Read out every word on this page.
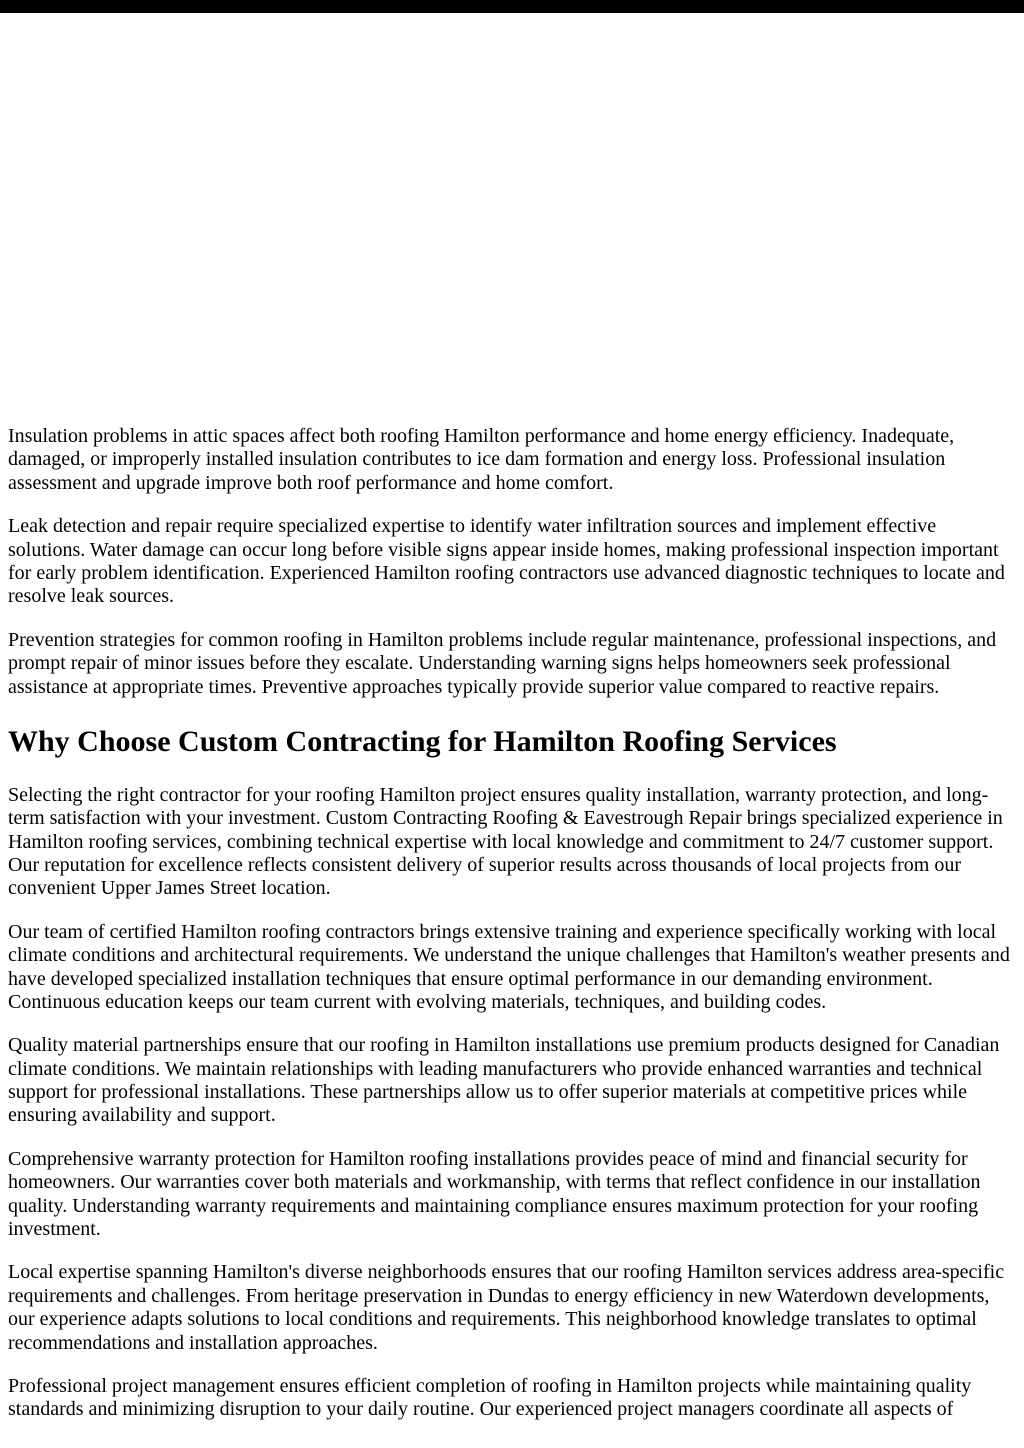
Insulation problems in attic spaces affect both roofing Hamilton performance and home energy efficiency. Inadequate, damaged, or improperly installed insulation contributes to ice dam formation and energy loss. Professional insulation assessment and upgrade improve both roof performance and home comfort.

Leak detection and repair require specialized expertise to identify water infiltration sources and implement effective solutions. Water damage can occur long before visible signs appear inside homes, making professional inspection important for early problem identification. Experienced Hamilton roofing contractors use advanced diagnostic techniques to locate and resolve leak sources.

Prevention strategies for common roofing in Hamilton problems include regular maintenance, professional inspections, and prompt repair of minor issues before they escalate. Understanding warning signs helps homeowners seek professional assistance at appropriate times. Preventive approaches typically provide superior value compared to reactive repairs.

Why Choose Custom Contracting for Hamilton Roofing Services

Selecting the right contractor for your roofing Hamilton project ensures quality installation, warranty protection, and long-term satisfaction with your investment. Custom Contracting Roofing & Eavestrough Repair brings specialized experience in Hamilton roofing services, combining technical expertise with local knowledge and commitment to 24/7 customer support. Our reputation for excellence reflects consistent delivery of superior results across thousands of local projects from our convenient Upper James Street location.

Our team of certified Hamilton roofing contractors brings extensive training and experience specifically working with local climate conditions and architectural requirements. We understand the unique challenges that Hamilton's weather presents and have developed specialized installation techniques that ensure optimal performance in our demanding environment. Continuous education keeps our team current with evolving materials, techniques, and building codes.

Quality material partnerships ensure that our roofing in Hamilton installations use premium products designed for Canadian climate conditions. We maintain relationships with leading manufacturers who provide enhanced warranties and technical support for professional installations. These partnerships allow us to offer superior materials at competitive prices while ensuring availability and support.

Comprehensive warranty protection for Hamilton roofing installations provides peace of mind and financial security for homeowners. Our warranties cover both materials and workmanship, with terms that reflect confidence in our installation quality. Understanding warranty requirements and maintaining compliance ensures maximum protection for your roofing investment.

Local expertise spanning Hamilton's diverse neighborhoods ensures that our roofing Hamilton services address area-specific requirements and challenges. From heritage preservation in Dundas to energy efficiency in new Waterdown developments, our experience adapts solutions to local conditions and requirements. This neighborhood knowledge translates to optimal recommendations and installation approaches.

Professional project management ensures efficient completion of roofing in Hamilton projects while maintaining quality standards and minimizing disruption to your daily routine. Our experienced project managers coordinate all aspects of
